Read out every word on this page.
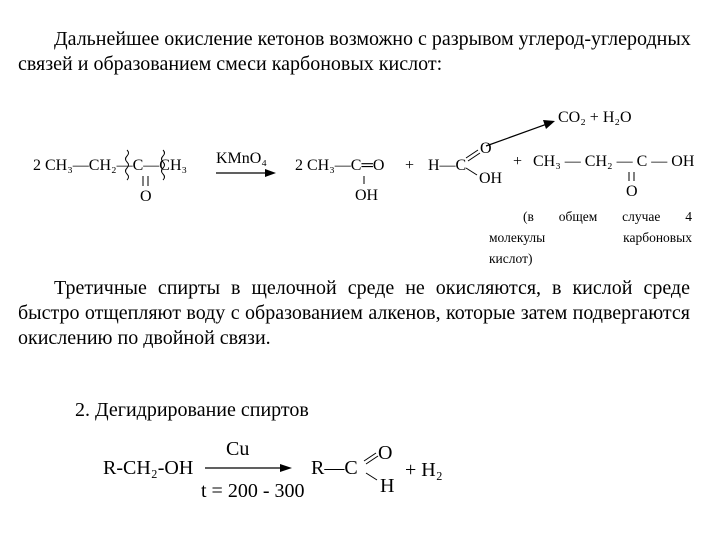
Дальнейшее окисление кетонов возможно с разрывом углерод-углеродных связей и образованием смеси карбоновых кислот:
2 CH₃—CH₂—C—CH₃
O
KMnO₄ 2 CH₃—C═O
OH
+ H—C
O
OH
CO₂ + H₂O
+ CH₃ — CH₂ — C — OH
O
(в общем случае 4
молекулы карбоновых
кислот)
Третичные спирты в щелочной среде не окисляются, в кислой среде быстро отщепляют воду с образованием алкенов, которые затем подвергаются окислению по двойной связи.
2. Дегидрирование спиртов
R-CH₂-OH
Cu
t = 200 - 300
R—C
O
H
+ H₂
